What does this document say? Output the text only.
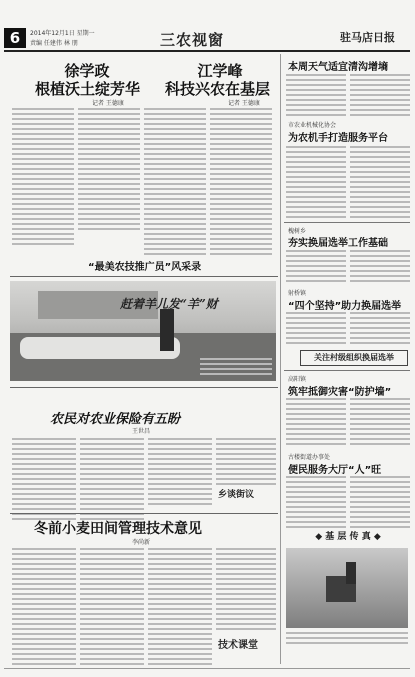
6	2014年12月1日 星期一
责编 任建伟 林 朋	三农视窗	驻马店日报
徐学政
根植沃土绽芳华
记者 王德康
江学峰
科技兴农在基层
记者 王德康
“最美农技推广员”风采录
本周天气适宜清沟增墒
市农业机械化协会
为农机手打造服务平台
槐树乡
夯实换届选举工作基础
射桥镇
“四个坚持”助力换届选举
关注村级组织换届选举
高阳镇
筑牢抵御灾害“防护墙”
古楼街道办事处
便民服务大厅“人”旺
◆ 基 层 传 真 ◆
赶着羊儿发“羊”财
农民对农业保险有五盼
王世昌
乡谈街议
冬前小麦田间管理技术意见
李尚新
技术课堂
